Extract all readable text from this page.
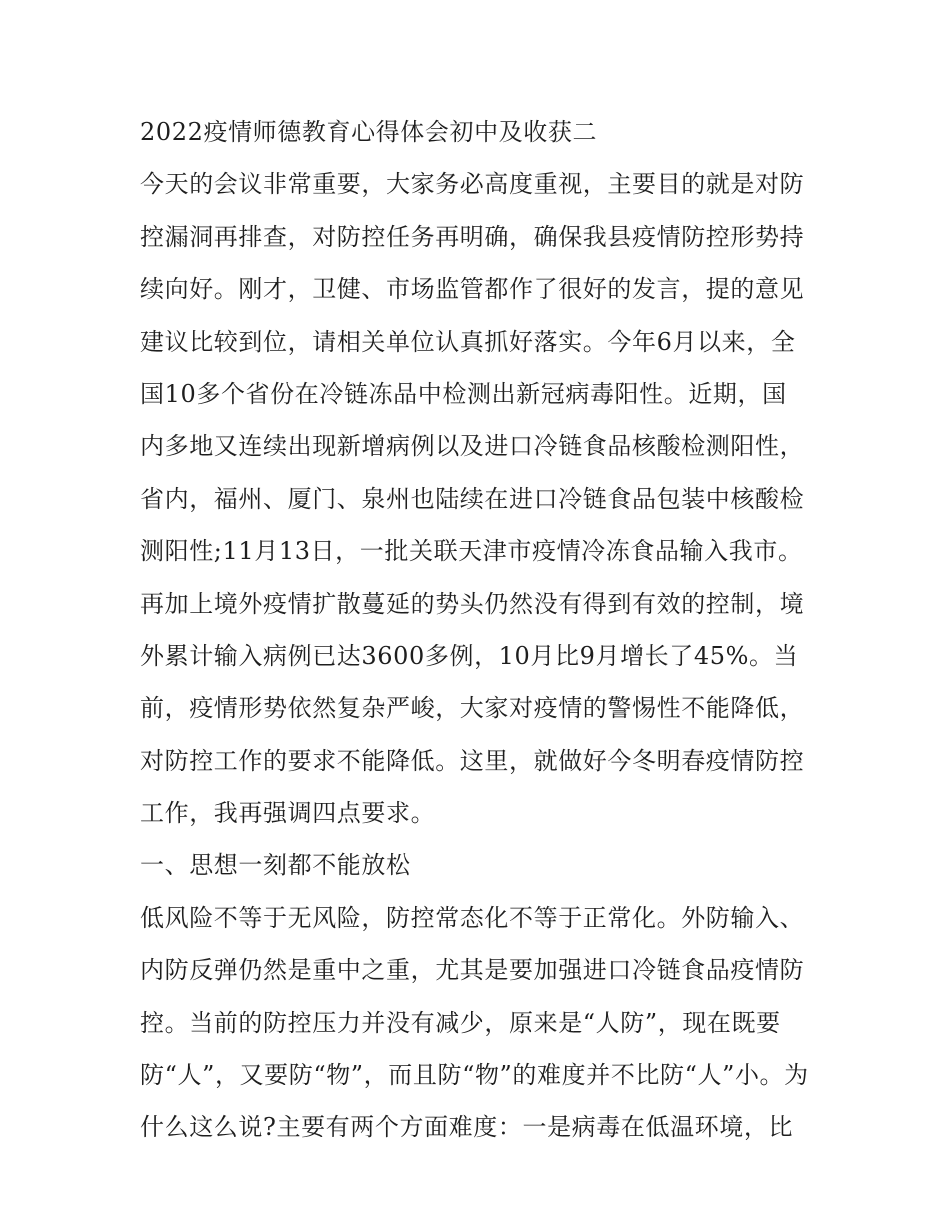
2022疫情师德教育心得体会初中及收获二
今天的会议非常重要，大家务必高度重视，主要目的就是对防
控漏洞再排查，对防控任务再明确，确保我县疫情防控形势持
续向好。刚才，卫健、市场监管都作了很好的发言，提的意见
建议比较到位，请相关单位认真抓好落实。今年6月以来，全
国10多个省份在冷链冻品中检测出新冠病毒阳性。近期，国
内多地又连续出现新增病例以及进口冷链食品核酸检测阳性，
省内，福州、厦门、泉州也陆续在进口冷链食品包装中核酸检
测阳性;11月13日，一批关联天津市疫情冷冻食品输入我市。
再加上境外疫情扩散蔓延的势头仍然没有得到有效的控制，境
外累计输入病例已达3600多例，10月比9月增长了45%。当
前，疫情形势依然复杂严峻，大家对疫情的警惕性不能降低，
对防控工作的要求不能降低。这里，就做好今冬明春疫情防控
工作，我再强调四点要求。
一、思想一刻都不能放松
低风险不等于无风险，防控常态化不等于正常化。外防输入、
内防反弹仍然是重中之重，尤其是要加强进口冷链食品疫情防
控。当前的防控压力并没有减少，原来是“人防”，现在既要
防“人”，又要防“物”，而且防“物”的难度并不比防“人”小。为
什么这么说?主要有两个方面难度：一是病毒在低温环境，比
